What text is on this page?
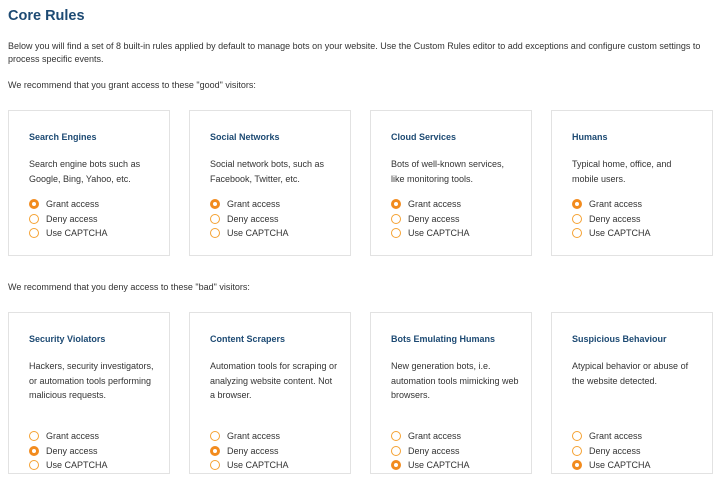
Core Rules

Below you will find a set of 8 built-in rules applied by default to manage bots on your website. Use the Custom Rules editor to add exceptions and configure custom settings to process specific events.

We recommend that you grant access to these "good" visitors:

We recommend that you deny access to these "bad" visitors:

Search Engines

Search engine bots such as Google, Bing, Yahoo, etc.

Grant access
Deny access
Use CAPTCHA

Social Networks

Social network bots, such as Facebook, Twitter, etc.

Grant access
Deny access
Use CAPTCHA

Cloud Services

Bots of well-known services, like monitoring tools.

Grant access
Deny access
Use CAPTCHA

Humans

Typical home, office, and mobile users.

Grant access
Deny access
Use CAPTCHA

Security Violators

Hackers, security investigators, or automation tools performing malicious requests.

Grant access
Deny access
Use CAPTCHA

Content Scrapers

Automation tools for scraping or analyzing website content. Not a browser.

Grant access
Deny access
Use CAPTCHA

Bots Emulating Humans

New generation bots, i.e. automation tools mimicking web browsers.

Grant access
Deny access
Use CAPTCHA

Suspicious Behaviour

Atypical behavior or abuse of the website detected.

Grant access
Deny access
Use CAPTCHA
